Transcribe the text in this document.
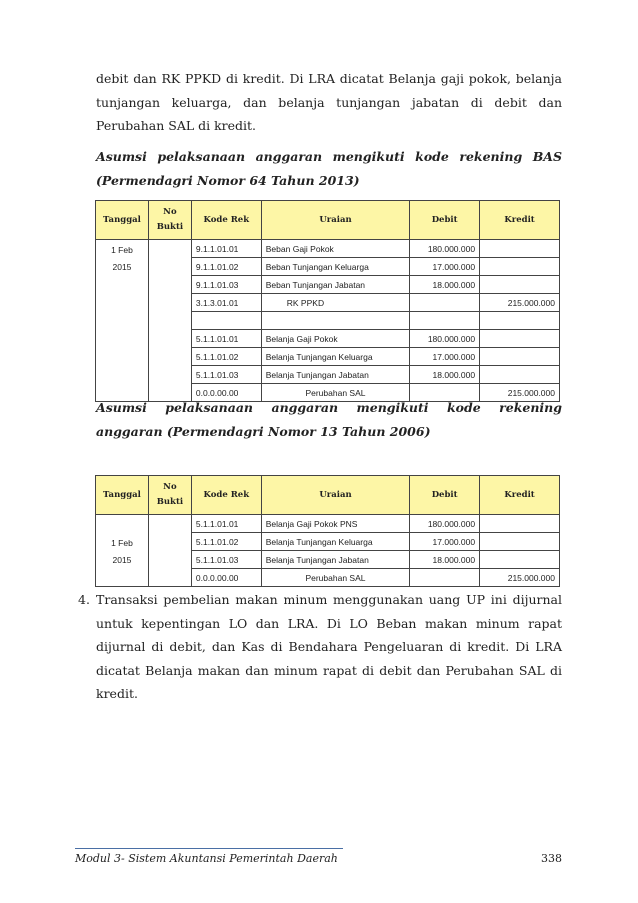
debit dan RK PPKD di kredit. Di LRA dicatat Belanja gaji pokok, belanja tunjangan keluarga, dan belanja tunjangan jabatan di debit dan Perubahan SAL di kredit.

Asumsi pelaksanaan anggaran mengikuti kode rekening BAS (Permendagri Nomor 64 Tahun 2013)

Tanggal	No
Bukti	Kode Rek	Uraian	Debit	Kredit

1 Feb
2015		9.1.1.01.01	Beban Gaji Pokok	180.000.000	
		9.1.1.01.02	Beban Tunjangan Keluarga	17.000.000	
		9.1.1.01.03	Beban Tunjangan Jabatan	18.000.000	
		3.1.3.01.01	RK PPKD		215.000.000

		5.1.1.01.01	Belanja Gaji Pokok	180.000.000	
		5.1.1.01.02	Belanja Tunjangan Keluarga	17.000.000	
		5.1.1.01.03	Belanja Tunjangan Jabatan	18.000.000	
		0.0.0.00.00	Perubahan SAL		215.000.000

Asumsi pelaksanaan anggaran mengikuti kode rekening anggaran (Permendagri Nomor 13 Tahun 2006)

Tanggal	No
Bukti	Kode Rek	Uraian	Debit	Kredit

1 Feb
2015		5.1.1.01.01	Belanja Gaji Pokok PNS	180.000.000	
		5.1.1.01.02	Belanja Tunjangan Keluarga	17.000.000	
		5.1.1.01.03	Belanja Tunjangan Jabatan	18.000.000	
		0.0.0.00.00	Perubahan SAL		215.000.000
4. Transaksi pembelian makan minum menggunakan uang UP ini dijurnal untuk kepentingan LO dan LRA. Di LO Beban makan minum rapat dijurnal di debit, dan Kas di Bendahara Pengeluaran di kredit. Di LRA dicatat Belanja makan dan minum rapat di debit dan Perubahan SAL di kredit.

Modul 3- Sistem Akuntansi Pemerintah Daerah	338
